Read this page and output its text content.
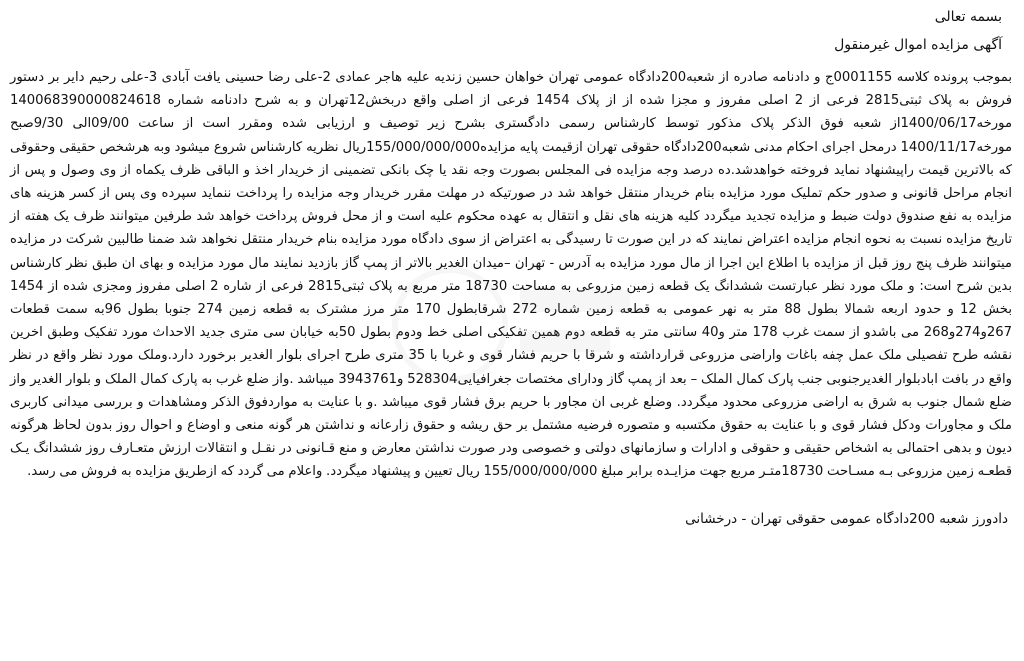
بسمه تعالی

آگهی مزایده اموال غیرمنقول

بموجب پرونده کلاسه 0001155ج و دادنامه صادره از شعبه200دادگاه عمومی تهران خواهان حسین زندیه علیه هاجر عمادی 2-علی رضا حسینی یافت آبادی 3-علی رحیم دایر بر دستور فروش به پلاک ثبتی2815 فرعی از 2 اصلی مفروز و مجزا شده از از پلاک 1454 فرعی از اصلی واقع دربخش12تهران و به شرح دادنامه شماره 140068390000824618 مورخه1400/06/17از شعبه فوق الذکر پلاک مذکور توسط کارشناس رسمی دادگستری بشرح زیر توصیف و ارزیابی شده ومقرر است از ساعت 09/00الی 9/30صبح مورخه1400/11/17 درمحل اجرای احکام مدنی شعبه200دادگاه حقوقی تهران ازقیمت پایه مزایده155/000/000/000ریال نظریه کارشناس شروع میشود وبه هرشخص حقیقی وحقوقی که بالاترین قیمت راپیشنهاد نماید فروخته خواهدشد.ده درصد وجه مزایده فی المجلس بصورت وجه نقد یا چک بانکی تضمینی از خریدار اخذ و الباقی ظرف یکماه از وی وصول و پس از انجام مراحل قانونی و صدور حکم تملیک مورد مزایده بنام خریدار منتقل خواهد شد در صورتیکه در مهلت مقرر خریدار وجه مزایده را پرداخت ننماید سپرده وی پس از کسر هزینه های مزایده به نفع صندوق دولت ضبط و مزایده تجدید میگردد کلیه هزینه های نقل و انتقال به عهده محکوم علیه است و از محل فروش پرداخت خواهد شد طرفین میتوانند ظرف یک هفته از تاریخ مزایده نسبت به نحوه انجام مزایده اعتراض نمایند که در این صورت تا رسیدگی به اعتراض از سوی دادگاه مورد مزایده بنام خریدار منتقل نخواهد شد ضمنا طالبین شرکت در مزایده میتوانند ظرف پنج روز قبل از مزایده با اطلاع این اجرا از مال مورد مزایده به آدرس - تهران –میدان الغدیر بالاتر از پمپ گاز بازدید نمایند مال مورد مزایده و بهای ان طبق نظر کارشناس بدین شرح است: و ملک مورد نظر عبارتست ششدانگ یک قطعه زمین مزروعی به مساحت 18730 متر مربع به پلاک ثبتی2815 فرعی از شاره 2 اصلی مفروز ومجزی شده از 1454 بخش 12 و حدود اربعه شمالا بطول 88 متر به نهر عمومی به قطعه زمین شماره 272 شرقابطول 170 متر مرز مشترک به قطعه زمین 274 جنوبا بطول 96به سمت قطعات 267و274و268 می باشدو از سمت غرب 178 متر و40 سانتی متر به قطعه دوم همین تفکیکی اصلی خط ودوم بطول 50به خیابان سی متری جدید الاحداث مورد تفکیک وطبق اخرین نقشه طرح تفصیلی ملک عمل چفه باغات واراضی مزروعی قرارداشته و شرقا با حریم فشار قوی و غربا با 35 متری طرح اجرای بلوار الغدیر برخورد دارد.وملک مورد نظر واقع در نظر واقع در بافت ابادبلوار الغدیرجنوبی جنب پارک کمال الملک – بعد از پمپ گاز ودارای مختصات جغرافیایی528304 و3943761 میباشد .واز ضلع غرب به پارک کمال الملک و بلوار الغدیر واز ضلع شمال جنوب به شرق به اراضی مزروعی محدود میگردد. وضلع غربی ان مجاور با حریم برق فشار قوی میباشد .و با عنایت به مواردفوق الذکر ومشاهدات و بررسی میدانی کاربری ملک و مجاورات ودکل فشار قوی و با عنایت به حقوق مکتسبه و متصوره فرضیه مشتمل بر حق ریشه و حقوق زارعانه و نداشتن هر گونه منعی و اوضاع و احوال روز بدون لحاظ هرگونه دیون و بدهی احتمالی به اشخاص حقیقی و حقوقی و ادارات و سازمانهای دولتی و خصوصی ودر صورت نداشتن معارض و منع قـانونی در نقـل و انتقالات ارزش متعـارف روز ششدانگ یـک قطعـه زمین مزروعی بـه مسـاحت 18730متـر مربع جهت مزایـده برابر مبلغ 155/000/000/000 ریال تعیین و پیشنهاد میگردد. واعلام می گردد که ازطریق مزایده به فروش می رسد.

دادورز شعبه 200دادگاه عمومی حقوقی تهران - درخشانی
